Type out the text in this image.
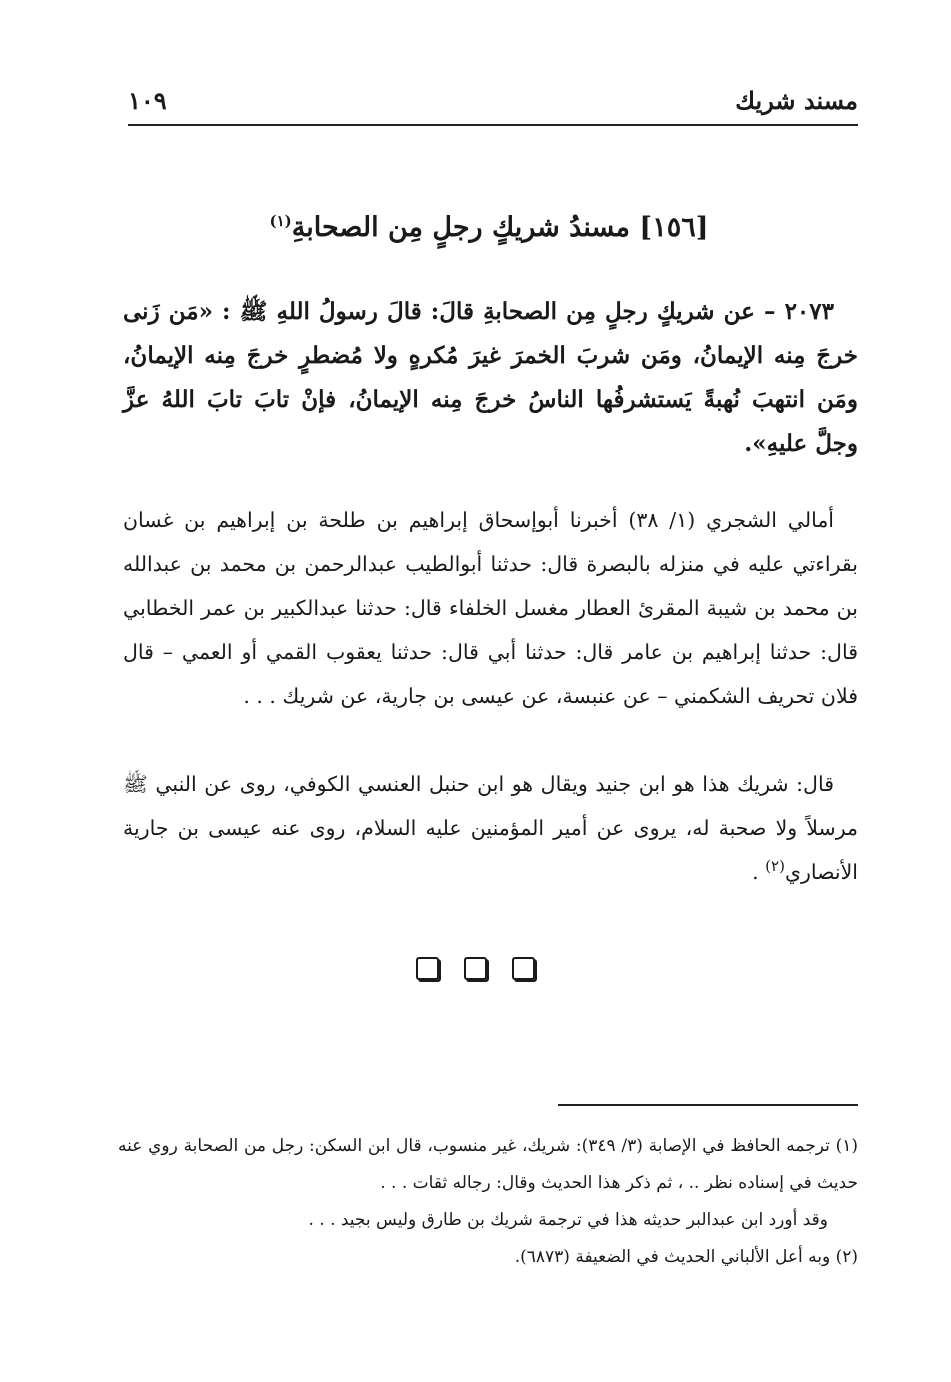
مسند شريك
١٠٩
[١٥٦] مسندُ شريكٍ رجلٍ مِن الصحابةِ$^{(١)}$
٢٠٧٣ – عن شريكٍ رجلٍ مِن الصحابةِ قالَ: قالَ رسولُ اللهِ ﷺ : «مَن زَنى خرجَ مِنه الإيمانُ، ومَن شربَ الخمرَ غيرَ مُكرهٍ ولا مُضطرٍ خرجَ مِنه الإيمانُ، ومَن انتهبَ نُهبةً يَستشرفُها الناسُ خرجَ مِنه الإيمانُ، فإنْ تابَ تابَ اللهُ عزَّ وجلَّ عليهِ».
أمالي الشجري (١/ ٣٨) أخبرنا أبوإسحاق إبراهيم بن طلحة بن إبراهيم بن غسان بقراءتي عليه في منزله بالبصرة قال: حدثنا أبوالطيب عبدالرحمن بن محمد بن عبدالله بن محمد بن شيبة المقرئ العطار مغسل الخلفاء قال: حدثنا عبدالكبير بن عمر الخطابي قال: حدثنا إبراهيم بن عامر قال: حدثنا أبي قال: حدثنا يعقوب القمي أو العمي – قال فلان تحريف الشكمني – عن عنبسة، عن عيسى بن جارية، عن شريك . . .
قال: شريك هذا هو ابن جنيد ويقال هو ابن حنبل العنسي الكوفي، روى عن النبي ﷺ مرسلاً ولا صحبة له، يروى عن أمير المؤمنين عليه السلام، روى عنه عيسى بن جارية الأنصاري$^{(٢)}$ .

(١) ترجمه الحافظ في الإصابة (٣/ ٣٤٩): شريك، غير منسوب، قال ابن السكن: رجل من الصحابة روي عنه حديث في إسناده نظر .. ، ثم ذكر هذا الحديث وقال: رجاله ثقات . . .
وقد أورد ابن عبدالبر حديثه هذا في ترجمة شريك بن طارق وليس بجيد . . .
(٢) وبه أعل الألباني الحديث في الضعيفة (٦٨٧٣).
